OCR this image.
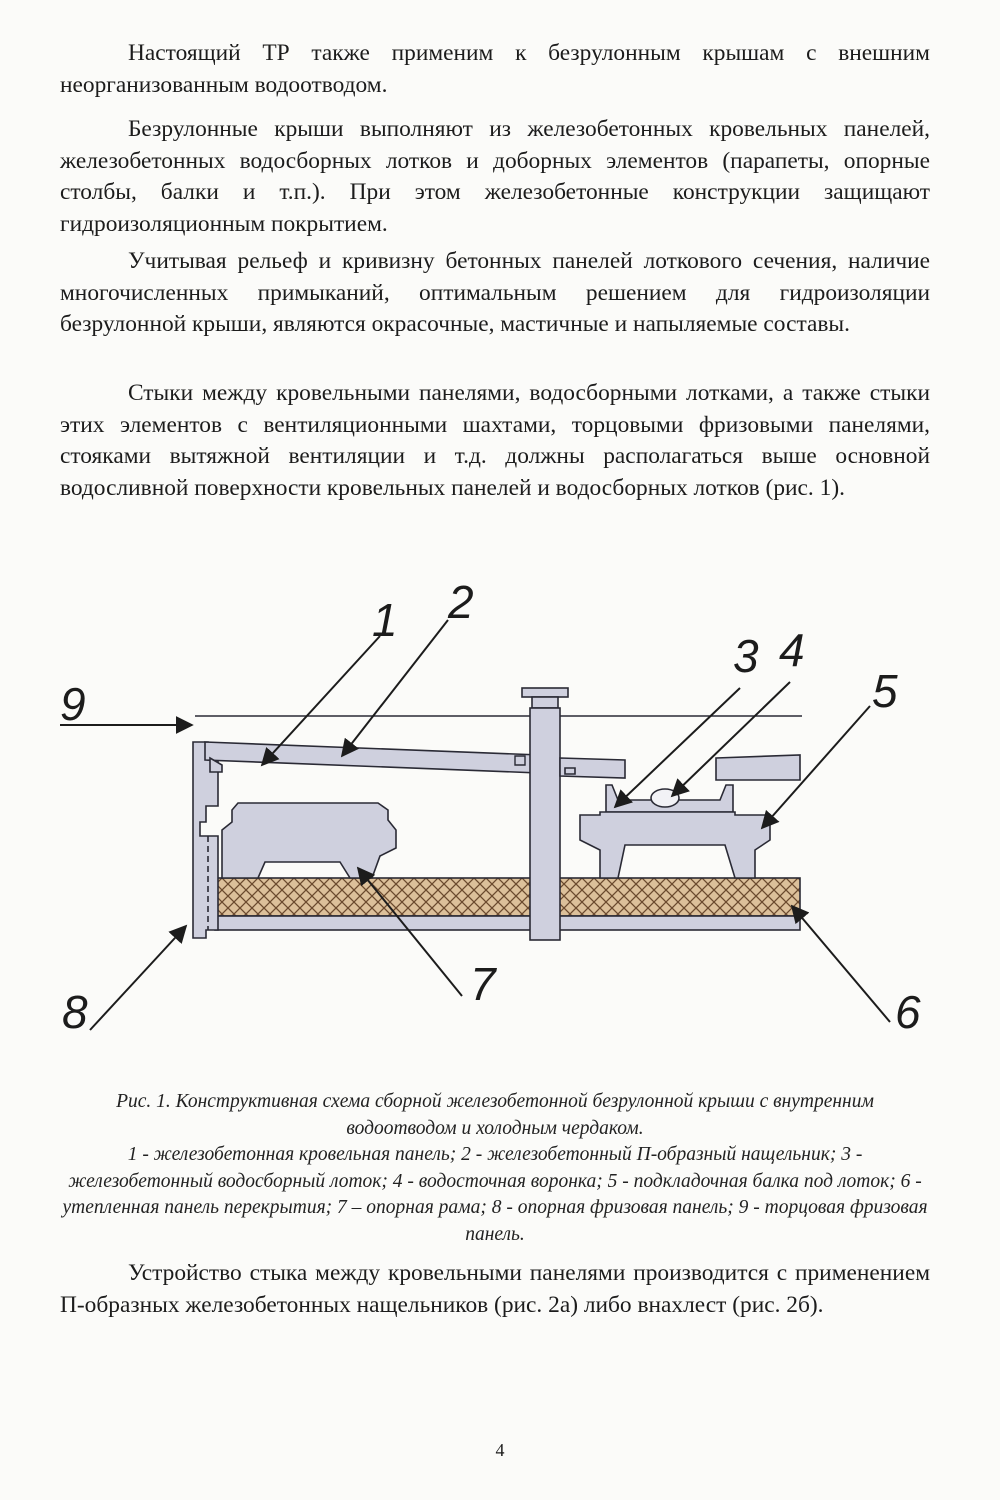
Настоящий ТР также применим к безрулонным крышам с внешним неорганизованным водоотводом.

Безрулонные крыши выполняют из железобетонных кровельных панелей, железобетонных водосборных лотков и доборных элементов (парапеты, опорные столбы, балки и т.п.). При этом железобетонные конструкции защищают гидроизоляционным покрытием.

Учитывая рельеф и кривизну бетонных панелей лоткового сечения, наличие многочисленных примыканий, оптимальным решением для гидроизоляции безрулонной крыши, являются окрасочные, мастичные и напыляемые составы.

Стыки между кровельными панелями, водосборными лотками, а также стыки этих элементов с вентиляционными шахтами, торцовыми фризовыми панелями, стояками вытяжной вентиляции и т.д. должны располагаться выше основной водосливной поверхности кровельных панелей и водосборных лотков (рис. 1).

1 2
3 4
5
6
7
8
9
Рис. 1. Конструктивная схема сборной железобетонной безрулонной крыши с внутренним водоотводом и холодным чердаком.
1 - железобетонная кровельная панель; 2 - железобетонный П-образный нащельник; 3 - железобетонный водосборный лоток; 4 - водосточная воронка; 5 - подкладочная балка под лоток; 6 - утепленная панель перекрытия; 7 – опорная рама; 8 - опорная фризовая панель; 9 - торцовая фризовая панель.

Устройство стыка между кровельными панелями производится с применением П-образных железобетонных нащельников (рис. 2а) либо внахлест (рис. 2б).

4
